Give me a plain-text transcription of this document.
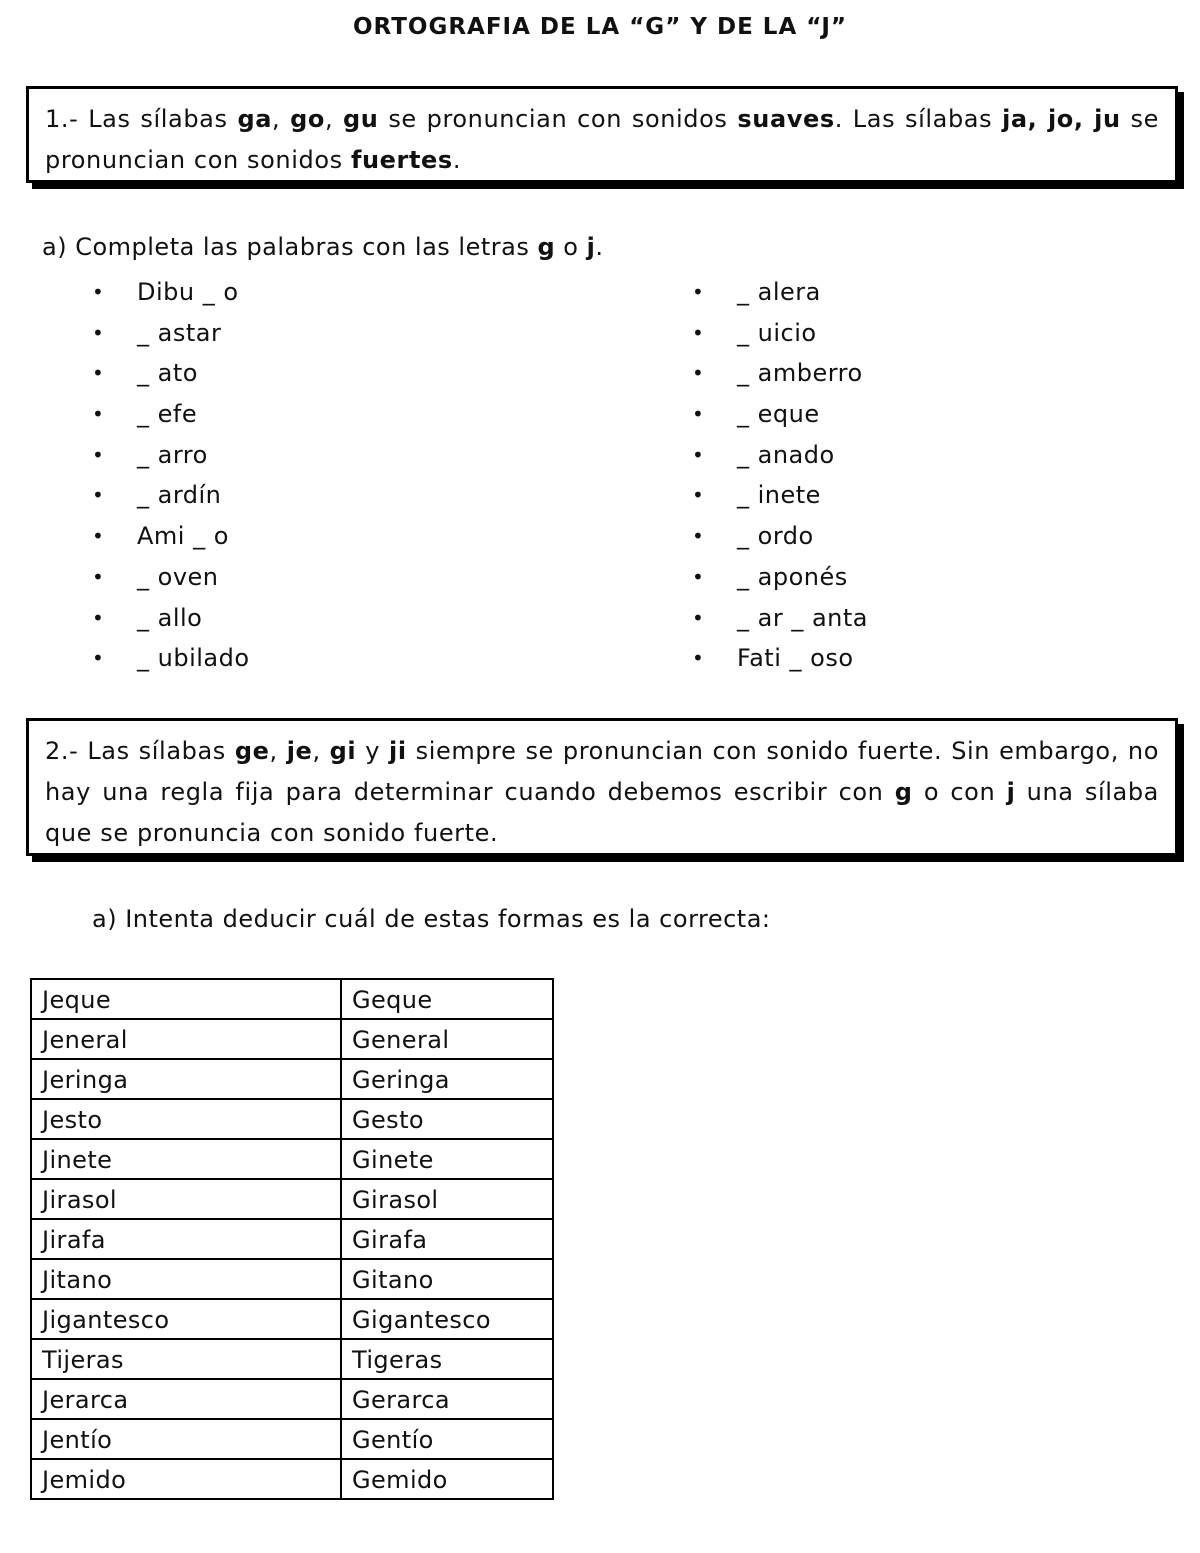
ORTOGRAFIA DE LA “G” Y DE LA “J”

1.- Las sílabas ga, go, gu se pronuncian con sonidos suaves. Las sílabas ja, jo, ju se pronuncian con sonidos fuertes.

a) Completa las palabras con las letras g o j.
• Dibu _ o
• _ astar
• _ ato
• _ efe
• _ arro
• _ ardín
• Ami _ o
• _ oven
• _ allo
• _ ubilado
• _ alera
• _ uicio
• _ amberro
• _ eque
• _ anado
• _ inete
• _ ordo
• _ aponés
• _ ar _ anta
• Fati _ oso

2.- Las sílabas ge, je, gi y ji siempre se pronuncian con sonido fuerte. Sin embargo, no hay una regla fija para determinar cuando debemos escribir con g o con j una sílaba que se pronuncia con sonido fuerte.

a) Intenta deducir cuál de estas formas es la correcta:
Jeque	Geque
Jeneral	General
Jeringa	Geringa
Jesto	Gesto
Jinete	Ginete
Jirasol	Girasol
Jirafa	Girafa
Jitano	Gitano
Jigantesco	Gigantesco
Tijeras	Tigeras
Jerarca	Gerarca
Jentío	Gentío
Jemido	Gemido
